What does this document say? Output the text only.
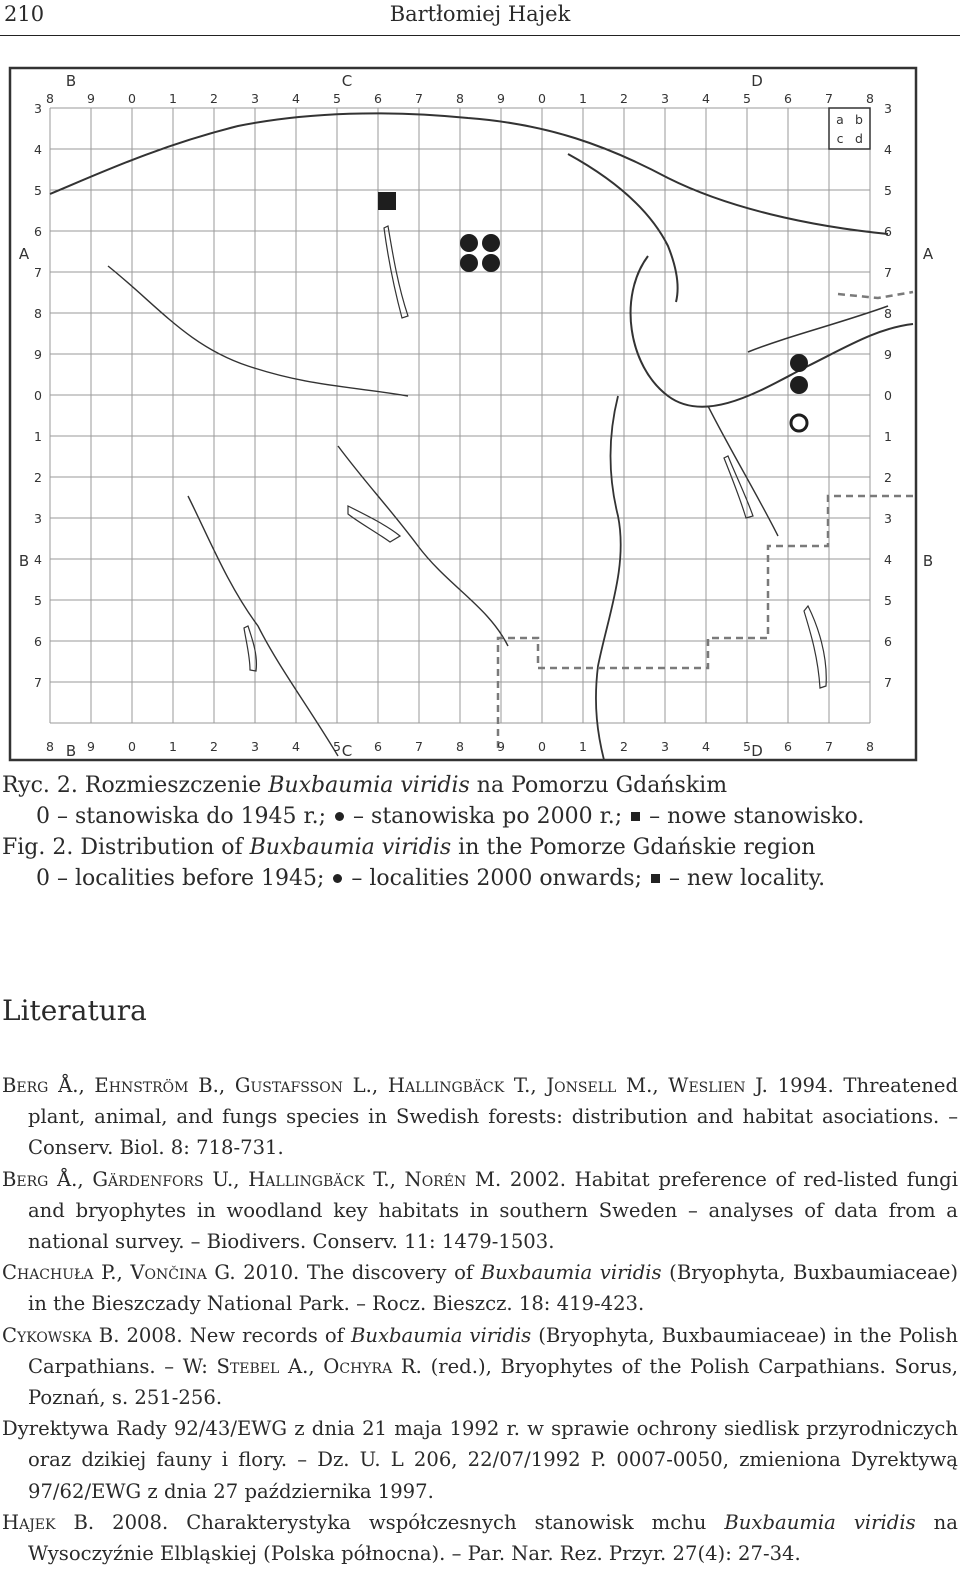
210	Bartłomiej Hajek
8
8
9
9
0
0
1
1
2
2
3
3
4
4
5
5
6
6
7
7
8
8
9
9
0
0
1
1
2
2
3
3
4
4
5
5
6
6
7
7
8
8
3	3
4	4
5	5
6	6
7	7
8	8
9	9
0	0
1	1
2	2
3	3
4	4
5	5
6	6
7	7
B	C	D
B	C	D
A
B
A
B
a b
c d
Ryc. 2. Rozmieszczenie Buxbaumia viridis na Pomorzu Gdańskim
0 – stanowiska do 1945 r.;  – stanowiska po 2000 r.;  – nowe stanowisko.
Fig. 2. Distribution of Buxbaumia viridis in the Pomorze Gdańskie region
0 – localities before 1945;  – localities 2000 onwards;  – new locality.
Literatura
Berg Å., Ehnström B., Gustafsson L., Hallingbäck T., Jonsell M., Weslien J. 1994. Threatened plant, animal, and fungs species in Swedish forests: distribution and habitat asociations. – Conserv. Biol. 8: 718-731.
Berg Å., Gärdenfors U., Hallingbäck T., Norén M. 2002. Habitat preference of red-listed fungi and bryophytes in woodland key habitats in southern Sweden – analyses of data from a national survey. – Biodivers. Conserv. 11: 1479-1503.
Chachuła P., Vončina G. 2010. The discovery of Buxbaumia viridis (Bryophyta, Buxbaumiaceae) in the Bieszczady National Park. – Rocz. Bieszcz. 18: 419-423.
Cykowska B. 2008. New records of Buxbaumia viridis (Bryophyta, Buxbaumiaceae) in the Polish Carpathians. – W: Stebel A., Ochyra R. (red.), Bryophytes of the Polish Carpathians. Sorus, Poznań, s. 251-256.
Dyrektywa Rady 92/43/EWG z dnia 21 maja 1992 r. w sprawie ochrony siedlisk przyrodniczych oraz dzikiej fauny i flory. – Dz. U. L 206, 22/07/1992 P. 0007-0050, zmieniona Dyrektywą 97/62/EWG z dnia 27 października 1997.
Hajek B. 2008. Charakterystyka współczesnych stanowisk mchu Buxbaumia viridis na Wysoczyźnie Elbląskiej (Polska północna). – Par. Nar. Rez. Przyr. 27(4): 27-34.
